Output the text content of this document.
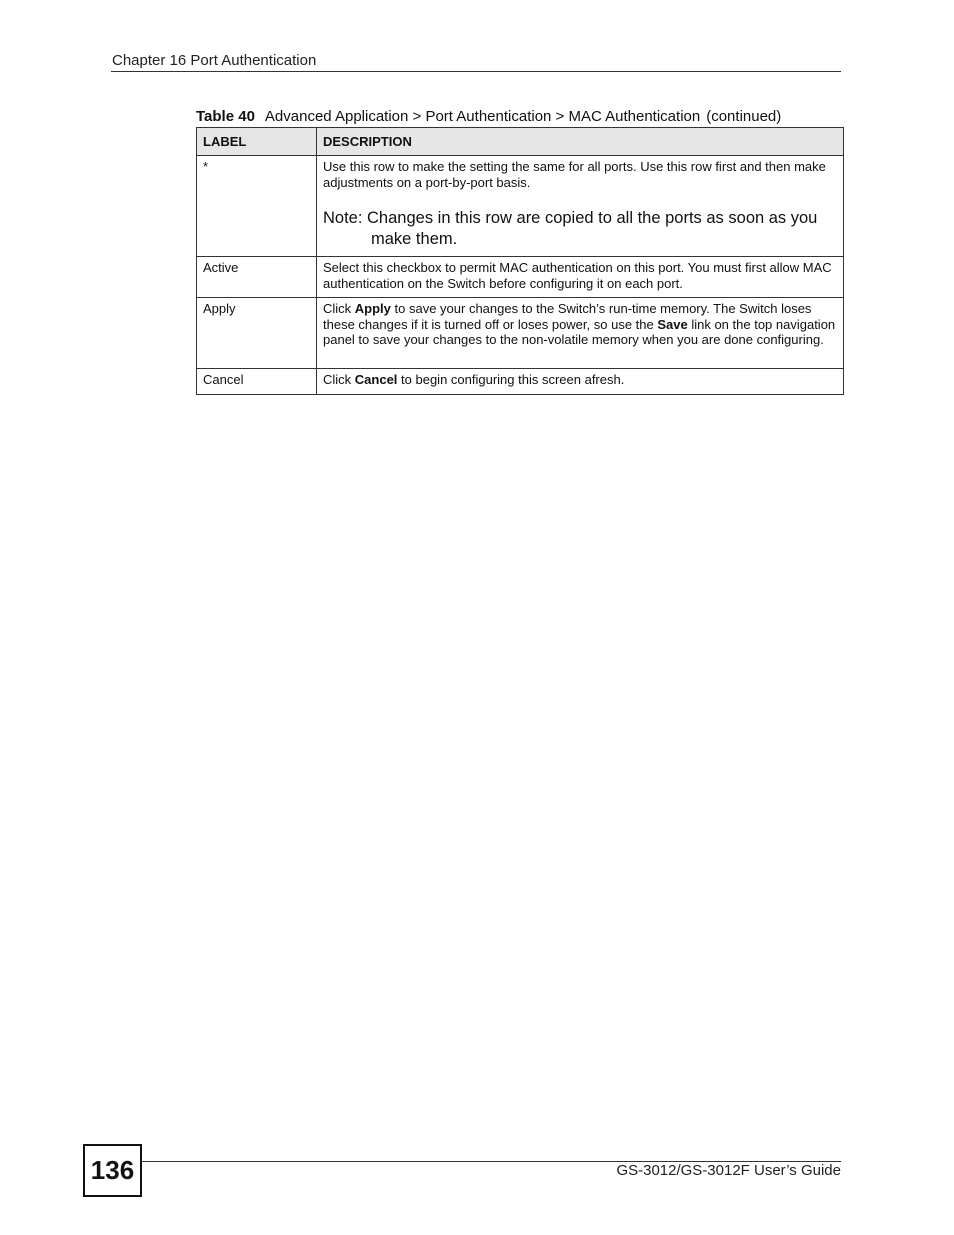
Chapter 16 Port Authentication
Table 40 Advanced Application > Port Authentication > MAC Authentication (continued)
LABEL	DESCRIPTION
*	Use this row to make the setting the same for all ports. Use this row first and then make adjustments on a port-by-port basis.

Note: Changes in this row are copied to all the ports as soon as you make them.

Active	Select this checkbox to permit MAC authentication on this port. You must first allow MAC authentication on the Switch before configuring it on each port.
Apply	Click Apply to save your changes to the Switch’s run-time memory. The Switch loses these changes if it is turned off or loses power, so use the Save link on the top navigation panel to save your changes to the non-volatile memory when you are done configuring.
Cancel	Click Cancel to begin configuring this screen afresh.
136	GS-3012/GS-3012F User’s Guide
